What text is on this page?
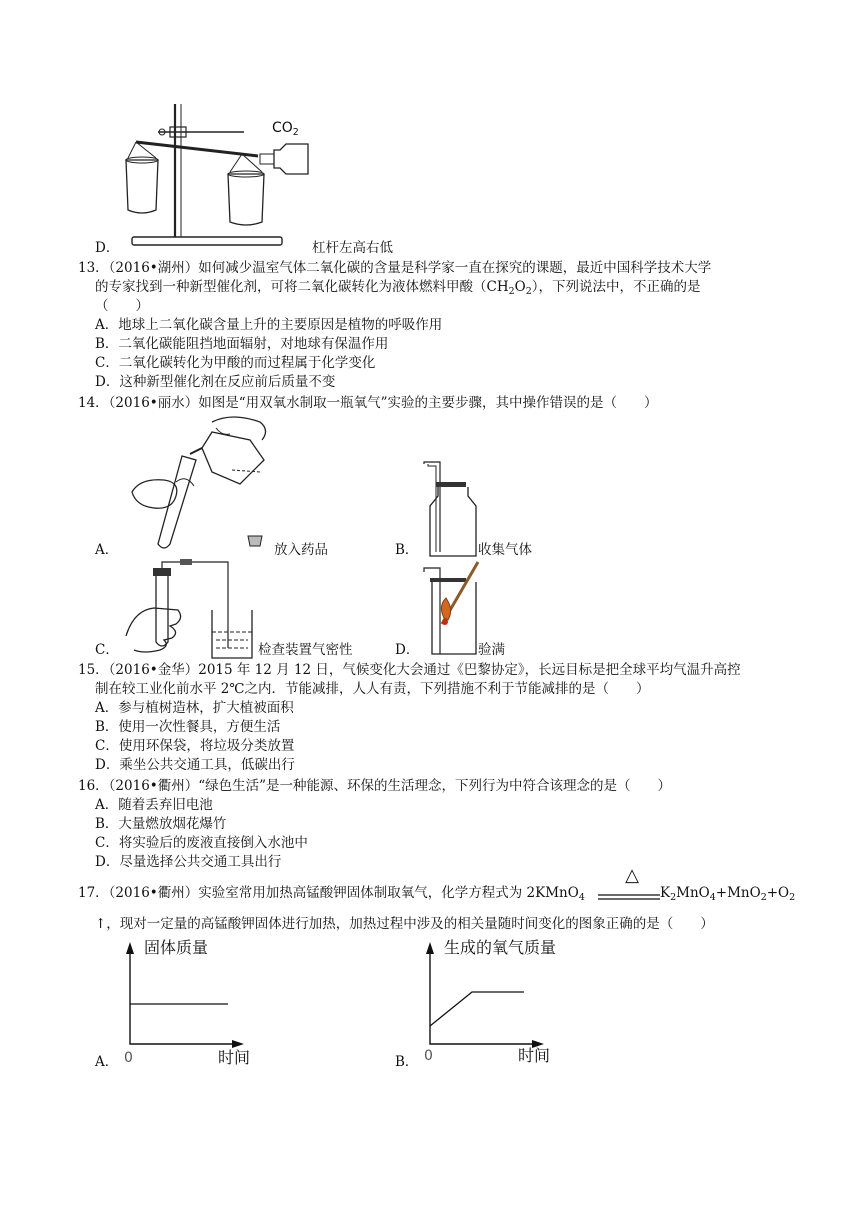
$CO_2$
D．	杠杆左高右低
13．（2016•湖州）如何减少温室气体二氧化碳的含量是科学家一直在探究的课题，最近中国科学技术大学
的专家找到一种新型催化剂，可将二氧化碳转化为液体燃料甲酸$(CH_2O_2)$，下列说法中，不正确的是
（　　）
A．地球上二氧化碳含量上升的主要原因是植物的呼吸作用
B．二氧化碳能阻挡地面辐射，对地球有保温作用
C．二氧化碳转化为甲酸的而过程属于化学变化
D．这种新型催化剂在反应前后质量不变
14．（2016•丽水）如图是“用双氧水制取一瓶氧气”实验的主要步骤，其中操作错误的是（　　）
A．	放入药品	B．	收集气体
C．	检查装置气密性	D．	验满
15．（2016•金华）2015 年 12 月 12 日，气候变化大会通过《巴黎协定》，长远目标是把全球平均气温升高控
制在较工业化前水平 2℃之内．节能减排，人人有责，下列措施不利于节能减排的是（　　）
A．参与植树造林，扩大植被面积
B．使用一次性餐具，方便生活
C．使用环保袋，将垃圾分类放置
D．乘坐公共交通工具，低碳出行
16．（2016•衢州）“绿色生活”是一种能源、环保的生活理念，下列行为中符合该理念的是（　　）
A．随着丢弃旧电池
B．大量燃放烟花爆竹
C．将实验后的废液直接倒入水池中
D．尽量选择公共交通工具出行
17．（2016•衢州）实验室常用加热高锰酸钾固体制取氧气，化学方程式为 2KMnO$_4$
△
$K_2MnO_4+MnO_2+O_2$
↑，现对一定量的高锰酸钾固体进行加热，加热过程中涉及的相关量随时间变化的图象正确的是（　　）
固体质量
0	时间
A．
生成的氧气质量
0	时间
B．
